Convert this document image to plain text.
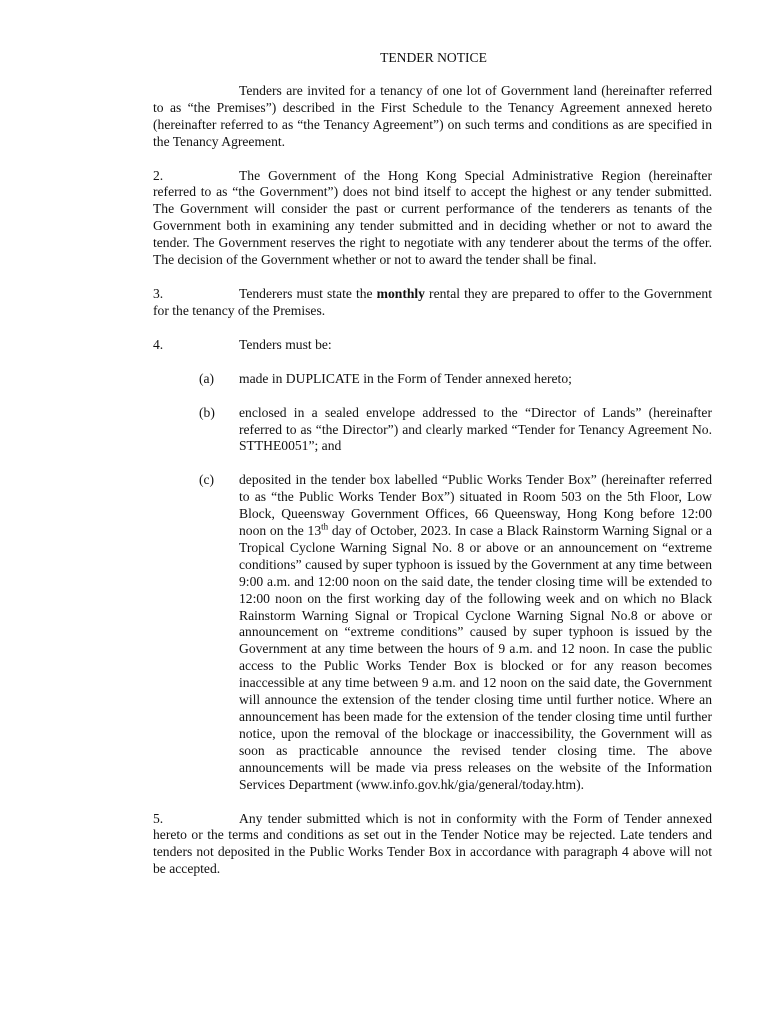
TENDER NOTICE

Tenders are invited for a tenancy of one lot of Government land (hereinafter referred to as “the Premises”) described in the First Schedule to the Tenancy Agreement annexed hereto (hereinafter referred to as “the Tenancy Agreement”) on such terms and conditions as are specified in the Tenancy Agreement.

2.	The Government of the Hong Kong Special Administrative Region (hereinafter referred to as “the Government”) does not bind itself to accept the highest or any tender submitted. The Government will consider the past or current performance of the tenderers as tenants of the Government both in examining any tender submitted and in deciding whether or not to award the tender. The Government reserves the right to negotiate with any tenderer about the terms of the offer. The decision of the Government whether or not to award the tender shall be final.

3.	Tenderers must state the monthly rental they are prepared to offer to the Government for the tenancy of the Premises.

4.	Tenders must be:

(a)	made in DUPLICATE in the Form of Tender annexed hereto;
(b)	enclosed in a sealed envelope addressed to the “Director of Lands” (hereinafter referred to as “the Director”) and clearly marked “Tender for Tenancy Agreement No. STTHE0051”; and
(c)	deposited in the tender box labelled “Public Works Tender Box” (hereinafter referred to as “the Public Works Tender Box”) situated in Room 503 on the 5th Floor, Low Block, Queensway Government Offices, 66 Queensway, Hong Kong before 12:00 noon on the 13th day of October, 2023. In case a Black Rainstorm Warning Signal or a Tropical Cyclone Warning Signal No. 8 or above or an announcement on “extreme conditions” caused by super typhoon is issued by the Government at any time between 9:00 a.m. and 12:00 noon on the said date, the tender closing time will be extended to 12:00 noon on the first working day of the following week and on which no Black Rainstorm Warning Signal or Tropical Cyclone Warning Signal No.8 or above or announcement on “extreme conditions” caused by super typhoon is issued by the Government at any time between the hours of 9 a.m. and 12 noon. In case the public access to the Public Works Tender Box is blocked or for any reason becomes inaccessible at any time between 9 a.m. and 12 noon on the said date, the Government will announce the extension of the tender closing time until further notice. Where an announcement has been made for the extension of the tender closing time until further notice, upon the removal of the blockage or inaccessibility, the Government will as soon as practicable announce the revised tender closing time. The above announcements will be made via press releases on the website of the Information Services Department (www.info.gov.hk/gia/general/today.htm).

5.	Any tender submitted which is not in conformity with the Form of Tender annexed hereto or the terms and conditions as set out in the Tender Notice may be rejected. Late tenders and tenders not deposited in the Public Works Tender Box in accordance with paragraph 4 above will not be accepted.
